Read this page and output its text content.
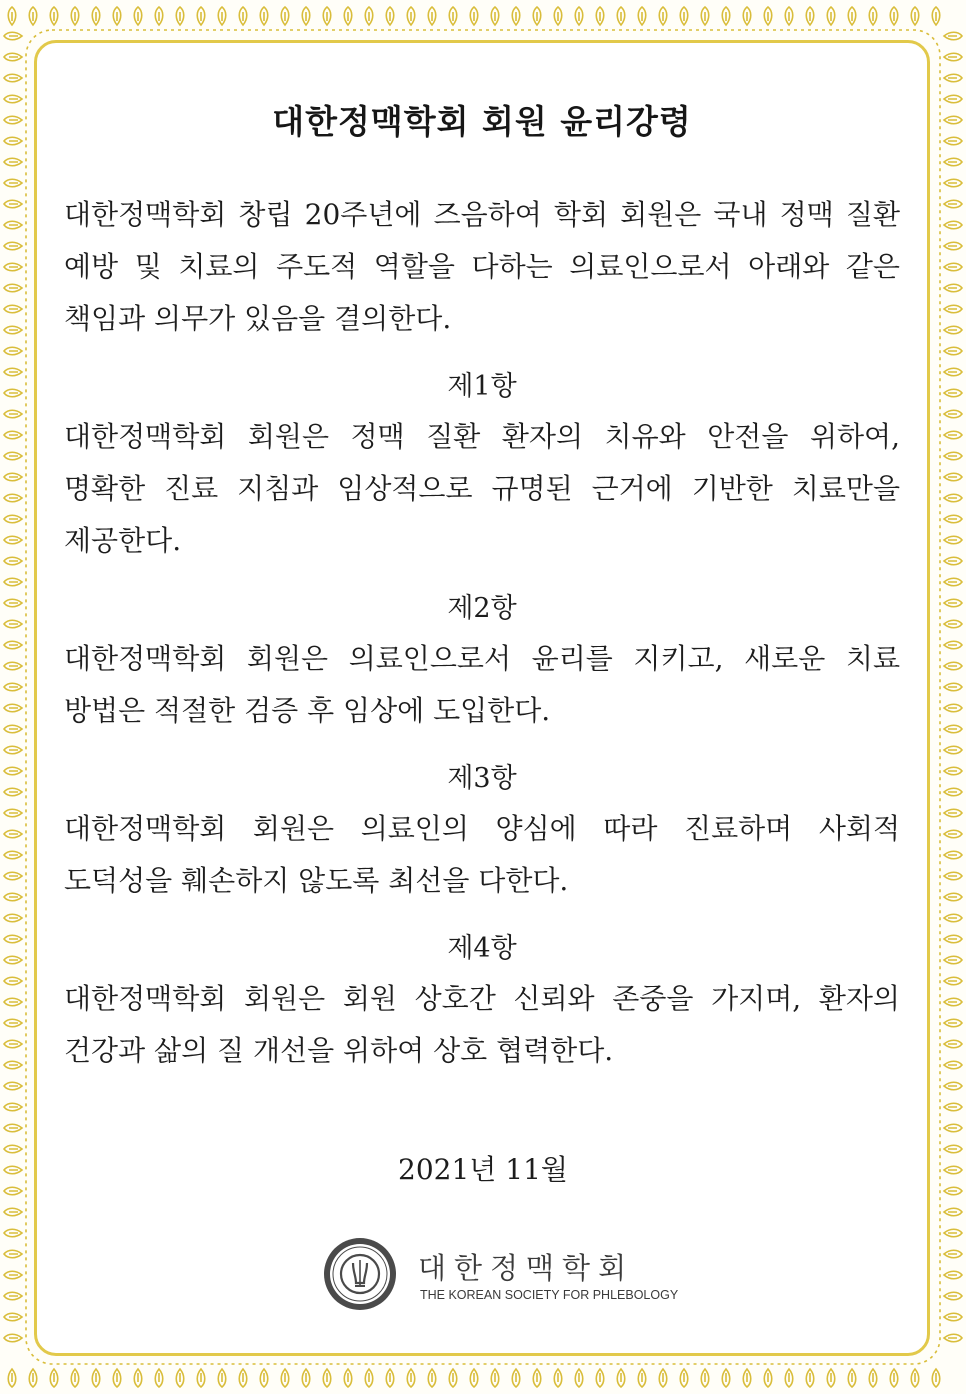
대한정맥학회 회원 윤리강령

대한정맥학회 창립 20주년에 즈음하여 학회 회원은 국내 정맥 질환 예방 및 치료의 주도적 역할을 다하는 의료인으로서 아래와 같은 책임과 의무가 있음을 결의한다.

제1항

대한정맥학회 회원은 정맥 질환 환자의 치유와 안전을 위하여, 명확한 진료 지침과 임상적으로 규명된 근거에 기반한 치료만을 제공한다.

제2항

대한정맥학회 회원은 의료인으로서 윤리를 지키고, 새로운 치료 방법은 적절한 검증 후 임상에 도입한다.

제3항

대한정맥학회 회원은 의료인의 양심에 따라 진료하며 사회적 도덕성을 훼손하지 않도록 최선을 다한다.

제4항

대한정맥학회 회원은 회원 상호간 신뢰와 존중을 가지며, 환자의 건강과 삶의 질 개선을 위하여 상호 협력한다.

2021년 11월
대한정맥학회
THE KOREAN SOCIETY FOR PHLEBOLOGY
